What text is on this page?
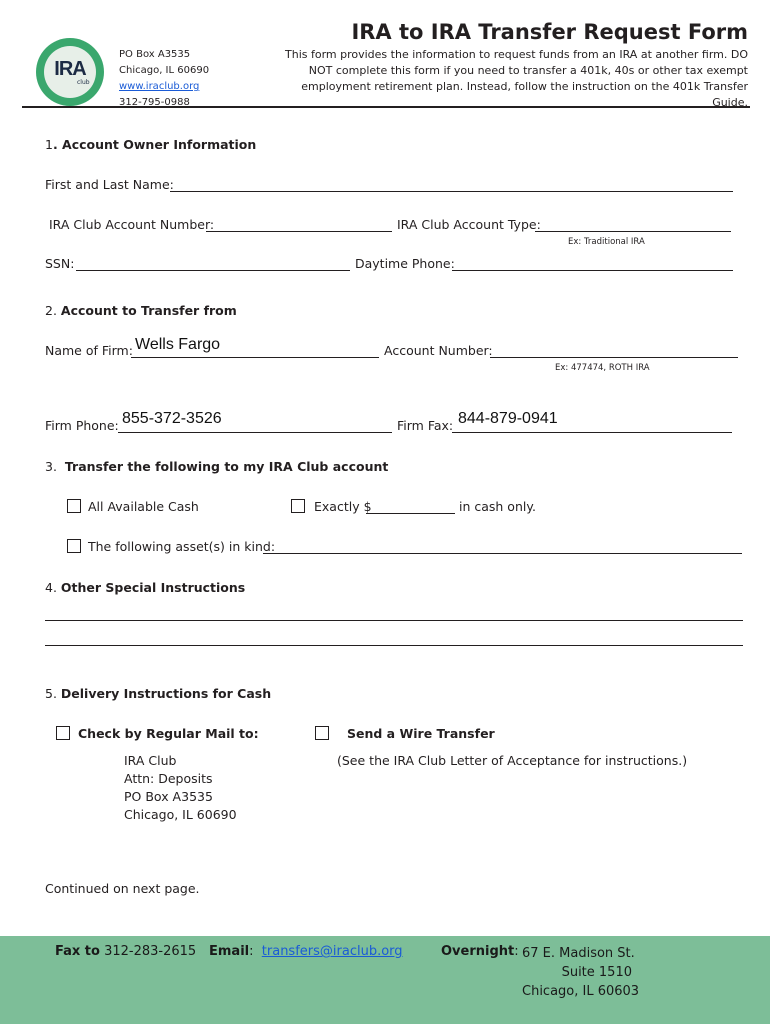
IRA
club
PO Box A3535
Chicago, IL 60690
www.iraclub.org
312-795-0988
IRA to IRA Transfer Request Form
This form provides the information to request funds from an IRA at another firm. DO NOT complete this form if you need to transfer a 401k, 40s or other tax exempt employment retirement plan. Instead, follow the instruction on the 401k Transfer Guide.
1. Account Owner Information
First and Last Name:
IRA Club Account Number:	IRA Club Account Type:
Ex: Traditional IRA
SSN:	Daytime Phone:
2. Account to Transfer from
Name of Firm: Wells Fargo	Account Number:
Ex: 477474, ROTH IRA
Firm Phone: 855-372-3526	Firm Fax: 844-879-0941
3. Transfer the following to my IRA Club account
All Available Cash	Exactly $	in cash only.
The following asset(s) in kind:
4. Other Special Instructions
5. Delivery Instructions for Cash
Check by Regular Mail to:	Send a Wire Transfer
IRA Club
Attn: Deposits
PO Box A3535
Chicago, IL 60690
(See the IRA Club Letter of Acceptance for instructions.)
Continued on next page.
Fax to 312-283-2615 Email:  transfers@iraclub.org	Overnight: 67 E. Madison St.
Suite 1510
Chicago, IL 60603
